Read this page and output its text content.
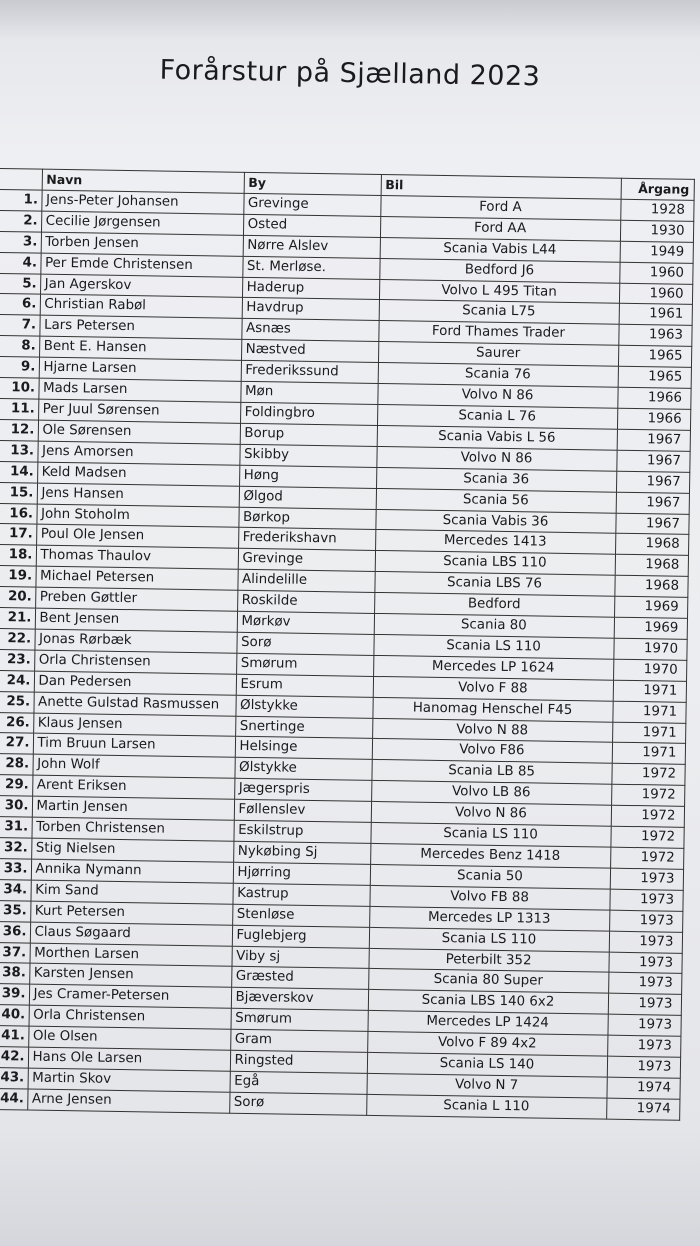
Forårstur på Sjælland 2023
	Navn	By	Bil	Årgang
1.	Jens-Peter Johansen	Grevinge	Ford A	1928
2.	Cecilie Jørgensen	Osted	Ford AA	1930
3.	Torben Jensen	Nørre Alslev	Scania Vabis L44	1949
4.	Per Emde Christensen	St. Merløse.	Bedford J6	1960
5.	Jan Agerskov	Haderup	Volvo L 495 Titan	1960
6.	Christian Rabøl	Havdrup	Scania L75	1961
7.	Lars Petersen	Asnæs	Ford Thames Trader	1963
8.	Bent E. Hansen	Næstved	Saurer	1965
9.	Hjarne Larsen	Frederikssund	Scania 76	1965
10.	Mads Larsen	Møn	Volvo N 86	1966
11.	Per Juul Sørensen	Foldingbro	Scania L 76	1966
12.	Ole Sørensen	Borup	Scania Vabis L 56	1967
13.	Jens Amorsen	Skibby	Volvo N 86	1967
14.	Keld Madsen	Høng	Scania 36	1967
15.	Jens Hansen	Ølgod	Scania 56	1967
16.	John Stoholm	Børkop	Scania Vabis 36	1967
17.	Poul Ole Jensen	Frederikshavn	Mercedes 1413	1968
18.	Thomas Thaulov	Grevinge	Scania LBS 110	1968
19.	Michael Petersen	Alindelille	Scania LBS 76	1968
20.	Preben Gøttler	Roskilde	Bedford	1969
21.	Bent Jensen	Mørkøv	Scania 80	1969
22.	Jonas Rørbæk	Sorø	Scania LS 110	1970
23.	Orla Christensen	Smørum	Mercedes LP 1624	1970
24.	Dan Pedersen	Esrum	Volvo F 88	1971
25.	Anette Gulstad Rasmussen	Ølstykke	Hanomag Henschel F45	1971
26.	Klaus Jensen	Snertinge	Volvo N 88	1971
27.	Tim Bruun Larsen	Helsinge	Volvo F86	1971
28.	John Wolf	Ølstykke	Scania LB 85	1972
29.	Arent Eriksen	Jægerspris	Volvo LB 86	1972
30.	Martin Jensen	Føllenslev	Volvo N 86	1972
31.	Torben Christensen	Eskilstrup	Scania LS 110	1972
32.	Stig Nielsen	Nykøbing Sj	Mercedes Benz 1418	1972
33.	Annika Nymann	Hjørring	Scania 50	1973
34.	Kim Sand	Kastrup	Volvo FB 88	1973
35.	Kurt Petersen	Stenløse	Mercedes LP 1313	1973
36.	Claus Søgaard	Fuglebjerg	Scania LS 110	1973
37.	Morthen Larsen	Viby sj	Peterbilt 352	1973
38.	Karsten Jensen	Græsted	Scania 80 Super	1973
39.	Jes Cramer-Petersen	Bjæverskov	Scania LBS 140 6x2	1973
40.	Orla Christensen	Smørum	Mercedes LP 1424	1973
41.	Ole Olsen	Gram	Volvo F 89 4x2	1973
42.	Hans Ole Larsen	Ringsted	Scania LS 140	1973
43.	Martin Skov	Egå	Volvo N 7	1974
44.	Arne Jensen	Sorø	Scania L 110	1974
